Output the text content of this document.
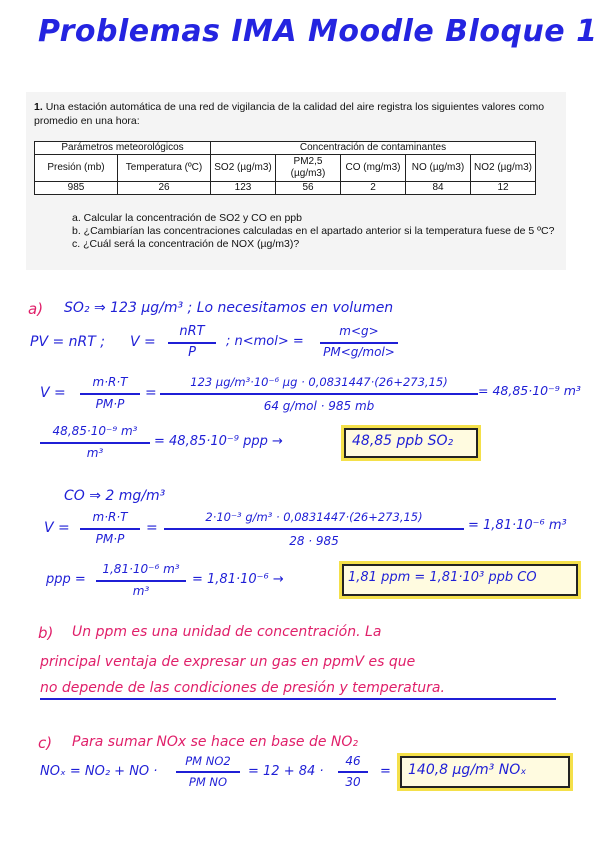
Problemas IMA Moodle Bloque 1
1. Una estación automática de una red de vigilancia de la calidad del aire registra los siguientes valores como promedio en una hora:
Parámetros meteorológicos		Concentración de contaminantes				
Presión (mb)	Temperatura (ºC)	SO2 (µg/m3)	PM2,5 (µg/m3)	CO (mg/m3)	NO (µg/m3)	NO2 (µg/m3)
985	26	123	56	2	84	12
a. Calcular la concentración de SO2 y CO en ppb
b. ¿Cambiarían las concentraciones calculadas en el apartado anterior si la temperatura fuese de 5 ºC?
c. ¿Cuál será la concentración de NOX (µg/m3)?
a) SO₂ ⇒ 123 µg/m³ ; Lo necesitamos en volumen
PV = nRT ; V =
nRT
P
; n<mol> =
m<g>
PM<g/mol>
V =
m·R·T
PM·P
=
123 µg/m³·10⁻⁶ µg · 0,0831447·(26+273,15)
64 g/mol · 985 mb
= 48,85·10⁻⁹ m³
48,85·10⁻⁹ m³
m³
= 48,85·10⁻⁹ ppp →	48,85 ppb SO₂
CO ⇒ 2 mg/m³
V =
m·R·T
PM·P
=
2·10⁻³ g/m³ · 0,0831447·(26+273,15)
28 · 985
= 1,81·10⁻⁶ m³
ppp =
1,81·10⁻⁶ m³
m³
= 1,81·10⁻⁶ →	1,81 ppm = 1,81·10³ ppb CO
b) Un ppm es una unidad de concentración. La
principal ventaja de expresar un gas en ppmV es que
no depende de las condiciones de presión y temperatura.
c) Para sumar NOx se hace en base de NO₂
NOₓ = NO₂ + NO ·
PM NO2
PM NO
= 12 + 84 ·
46
30
= 140,8 µg/m³ NOₓ
